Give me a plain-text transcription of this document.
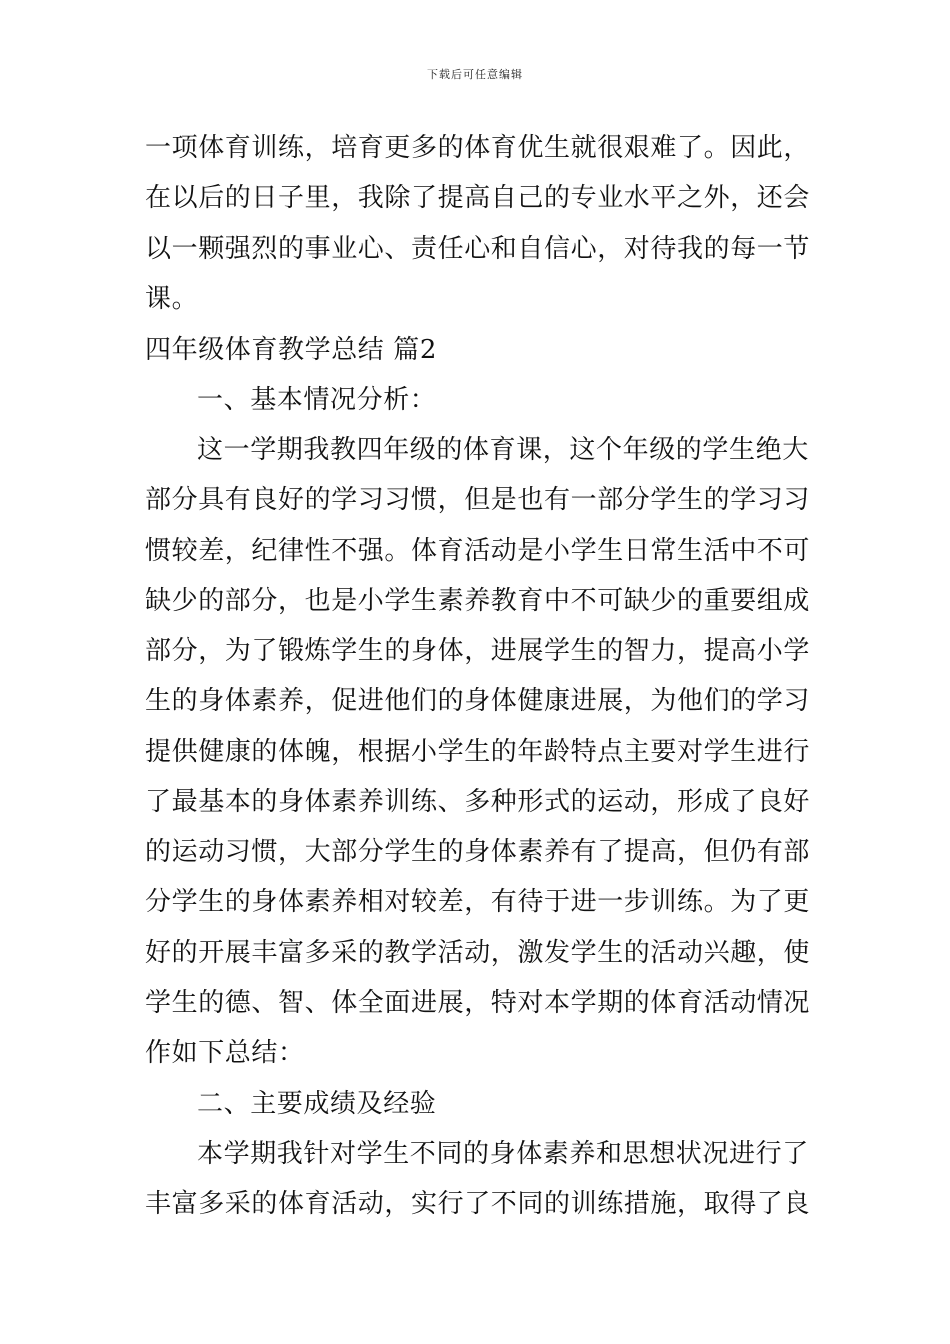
下载后可任意编辑
一项体育训练，培育更多的体育优生就很艰难了。因此，
在以后的日子里，我除了提高自己的专业水平之外，还会
以一颗强烈的事业心、责任心和自信心，对待我的每一节
课。
四年级体育教学总结 篇2
一、基本情况分析：
这一学期我教四年级的体育课，这个年级的学生绝大
部分具有良好的学习习惯，但是也有一部分学生的学习习
惯较差，纪律性不强。体育活动是小学生日常生活中不可
缺少的部分，也是小学生素养教育中不可缺少的重要组成
部分，为了锻炼学生的身体，进展学生的智力，提高小学
生的身体素养，促进他们的身体健康进展，为他们的学习
提供健康的体魄，根据小学生的年龄特点主要对学生进行
了最基本的身体素养训练、多种形式的运动，形成了良好
的运动习惯，大部分学生的身体素养有了提高，但仍有部
分学生的身体素养相对较差，有待于进一步训练。为了更
好的开展丰富多采的教学活动，激发学生的活动兴趣，使
学生的德、智、体全面进展，特对本学期的体育活动情况
作如下总结：
二、主要成绩及经验
本学期我针对学生不同的身体素养和思想状况进行了
丰富多采的体育活动，实行了不同的训练措施，取得了良
